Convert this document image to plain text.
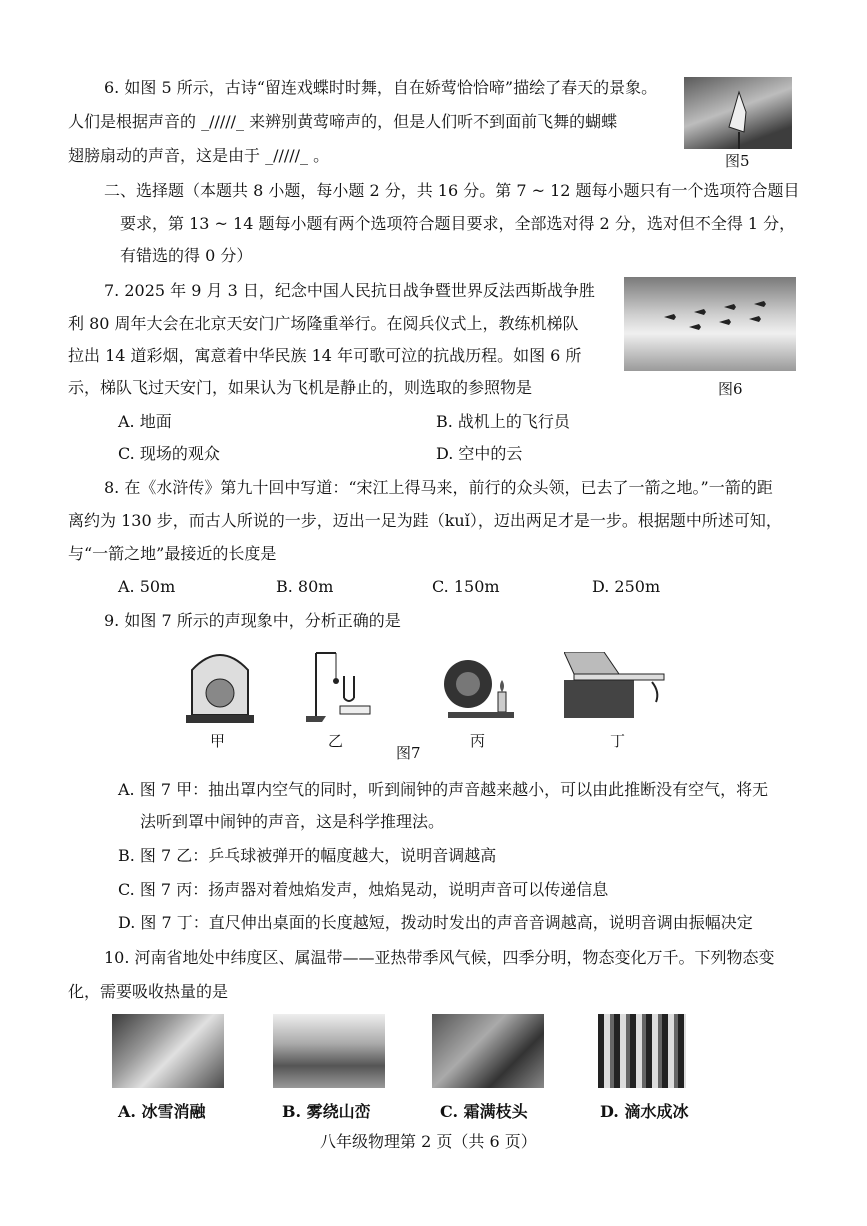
6. 如图 5 所示，古诗“留连戏蝶时时舞，自在娇莺恰恰啼”描绘了春天的景象。
人们是根据声音的 _/////_ 来辨别黄莺啼声的，但是人们听不到面前飞舞的蝴蝶
翅膀扇动的声音，这是由于 _/////_ 。	图5
二、选择题（本题共 8 小题，每小题 2 分，共 16 分。第 7 ~ 12 题每小题只有一个选项符合题目
要求，第 13 ~ 14 题每小题有两个选项符合题目要求，全部选对得 2 分，选对但不全得 1 分，
有错选的得 0 分）
7. 2025 年 9 月 3 日，纪念中国人民抗日战争暨世界反法西斯战争胜
利 80 周年大会在北京天安门广场隆重举行。在阅兵仪式上，教练机梯队
拉出 14 道彩烟，寓意着中华民族 14 年可歌可泣的抗战历程。如图 6 所
示，梯队飞过天安门，如果认为飞机是静止的，则选取的参照物是	图6
A. 地面	B. 战机上的飞行员
C. 现场的观众	D. 空中的云
8. 在《水浒传》第九十回中写道：“宋江上得马来，前行的众头领，已去了一箭之地。”一箭的距
离约为 130 步，而古人所说的一步，迈出一足为跬（kuǐ），迈出两足才是一步。根据题中所述可知，
与“一箭之地”最接近的长度是
A. 50m	B. 80m	C. 150m	D. 250m
9. 如图 7 所示的声现象中，分析正确的是
甲	乙	丙	丁
图7
A. 图 7 甲：抽出罩内空气的同时，听到闹钟的声音越来越小，可以由此推断没有空气，将无
法听到罩中闹钟的声音，这是科学推理法。
B. 图 7 乙：乒乓球被弹开的幅度越大，说明音调越高
C. 图 7 丙：扬声器对着烛焰发声，烛焰晃动，说明声音可以传递信息
D. 图 7 丁：直尺伸出桌面的长度越短，拨动时发出的声音音调越高，说明音调由振幅决定
10. 河南省地处中纬度区、属温带——亚热带季风气候，四季分明，物态变化万千。下列物态变
化，需要吸收热量的是
A. 冰雪消融	B. 雾绕山峦	C. 霜满枝头	D. 滴水成冰
八年级物理第 2 页（共 6 页）
